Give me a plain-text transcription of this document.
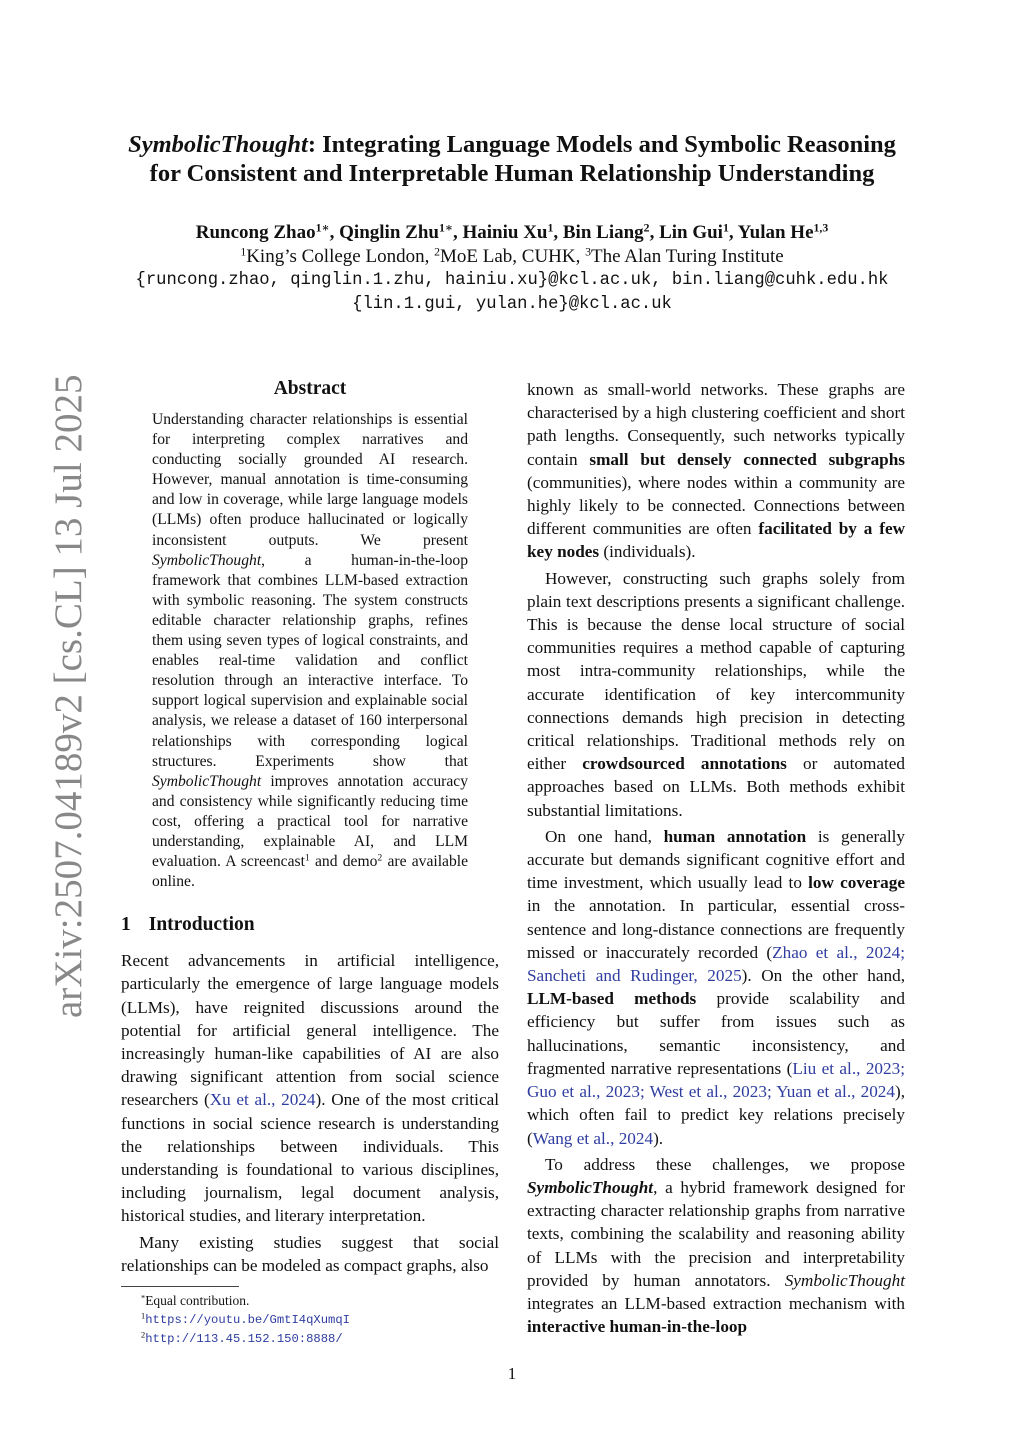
arXiv:2507.04189v2 [cs.CL] 13 Jul 2025
SymbolicThought: Integrating Language Models and Symbolic Reasoning
for Consistent and Interpretable Human Relationship Understanding
Runcong Zhao$^{1∗}$, Qinglin Zhu$^{1∗}$, Hainiu Xu$^1$, Bin Liang$^2$, Lin Gui$^1$, Yulan He$^{1,3}$
$^1$King’s College London, $^2$MoE Lab, CUHK, $^3$The Alan Turing Institute
{runcong.zhao, qinglin.1.zhu, hainiu.xu}@kcl.ac.uk, bin.liang@cuhk.edu.hk
{lin.1.gui, yulan.he}@kcl.ac.uk
Abstract

Understanding character relationships is essential for interpreting complex narratives and conducting socially grounded AI research. However, manual annotation is time-consuming and low in coverage, while large language models (LLMs) often produce hallucinated or logically inconsistent outputs. We present SymbolicThought, a human-in-the-loop framework that combines LLM-based extraction with symbolic reasoning. The system constructs editable character relationship graphs, refines them using seven types of logical constraints, and enables real-time validation and conflict resolution through an interactive interface. To support logical supervision and explainable social analysis, we release a dataset of 160 interpersonal relationships with corresponding logical structures. Experiments show that SymbolicThought improves annotation accuracy and consistency while significantly reducing time cost, offering a practical tool for narrative understanding, explainable AI, and LLM evaluation. A screencast$^1$ and demo$^2$ are available online.

1 Introduction

Recent advancements in artificial intelligence, particularly the emergence of large language models (LLMs), have reignited discussions around the potential for artificial general intelligence. The increasingly human-like capabilities of AI are also drawing significant attention from social science researchers (Xu et al., 2024). One of the most critical functions in social science research is understanding the relationships between individuals. This understanding is foundational to various disciplines, including journalism, legal document analysis, historical studies, and literary interpretation.

Many existing studies suggest that social relationships can be modeled as compact graphs, also

*Equal contribution.
$^1$https://youtu.be/GmtI4qXumqI
$^2$http://113.45.152.150:8888/

known as small-world networks. These graphs are characterised by a high clustering coefficient and short path lengths. Consequently, such networks typically contain small but densely connected subgraphs (communities), where nodes within a community are highly likely to be connected. Connections between different communities are often facilitated by a few key nodes (individuals).

However, constructing such graphs solely from plain text descriptions presents a significant challenge. This is because the dense local structure of social communities requires a method capable of capturing most intra-community relationships, while the accurate identification of key intercommunity connections demands high precision in detecting critical relationships. Traditional methods rely on either crowdsourced annotations or automated approaches based on LLMs. Both methods exhibit substantial limitations.

On one hand, human annotation is generally accurate but demands significant cognitive effort and time investment, which usually lead to low coverage in the annotation. In particular, essential cross-sentence and long-distance connections are frequently missed or inaccurately recorded (Zhao et al., 2024; Sancheti and Rudinger, 2025). On the other hand, LLM-based methods provide scalability and efficiency but suffer from issues such as hallucinations, semantic inconsistency, and fragmented narrative representations (Liu et al., 2023; Guo et al., 2023; West et al., 2023; Yuan et al., 2024), which often fail to predict key relations precisely (Wang et al., 2024).

To address these challenges, we propose SymbolicThought, a hybrid framework designed for extracting character relationship graphs from narrative texts, combining the scalability and reasoning ability of LLMs with the precision and interpretability provided by human annotators. SymbolicThought integrates an LLM-based extraction mechanism with interactive human-in-the-loop

1
